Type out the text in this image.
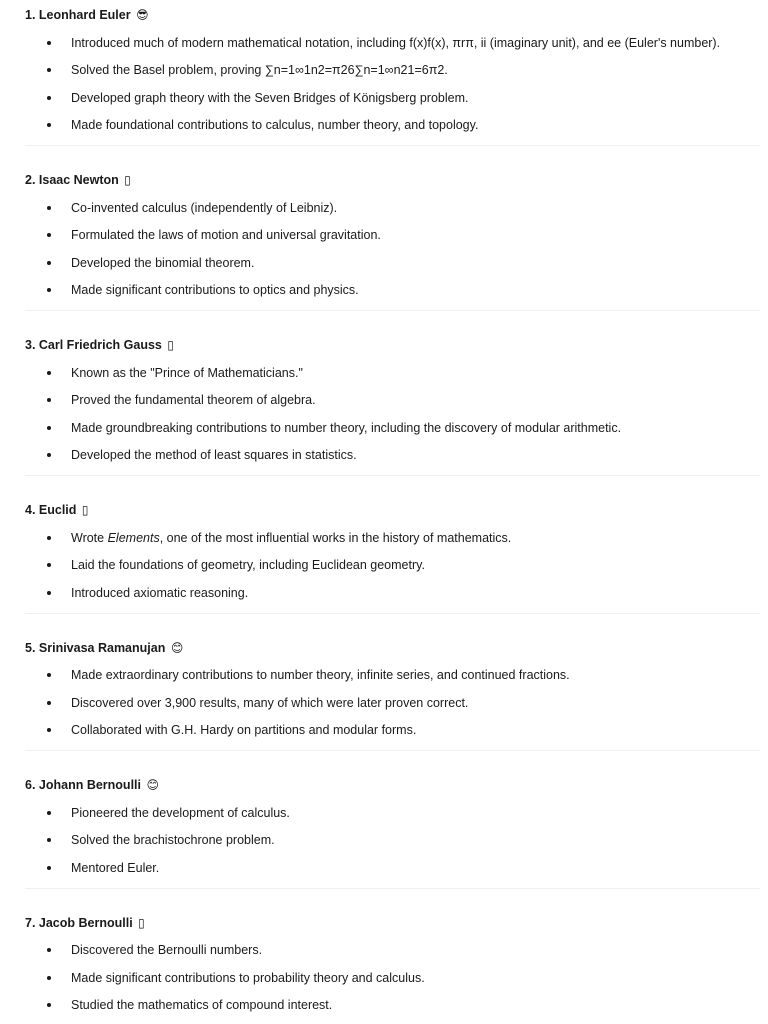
1. Leonhard Euler 😎
Introduced much of modern mathematical notation, including f(x)f(x), πrπ, ii (imaginary unit), and ee (Euler's number).
Solved the Basel problem, proving ∑n=1∞1n2=π26∑n=1∞n21=6π2.
Developed graph theory with the Seven Bridges of Königsberg problem.
Made foundational contributions to calculus, number theory, and topology.
2. Isaac Newton ▯
Co-invented calculus (independently of Leibniz).
Formulated the laws of motion and universal gravitation.
Developed the binomial theorem.
Made significant contributions to optics and physics.
3. Carl Friedrich Gauss ▯
Known as the "Prince of Mathematicians."
Proved the fundamental theorem of algebra.
Made groundbreaking contributions to number theory, including the discovery of modular arithmetic.
Developed the method of least squares in statistics.
4. Euclid ▯
Wrote Elements, one of the most influential works in the history of mathematics.
Laid the foundations of geometry, including Euclidean geometry.
Introduced axiomatic reasoning.
5. Srinivasa Ramanujan 😊
Made extraordinary contributions to number theory, infinite series, and continued fractions.
Discovered over 3,900 results, many of which were later proven correct.
Collaborated with G.H. Hardy on partitions and modular forms.
6. Johann Bernoulli 😊
Pioneered the development of calculus.
Solved the brachistochrone problem.
Mentored Euler.
7. Jacob Bernoulli ▯
Discovered the Bernoulli numbers.
Made significant contributions to probability theory and calculus.
Studied the mathematics of compound interest.
